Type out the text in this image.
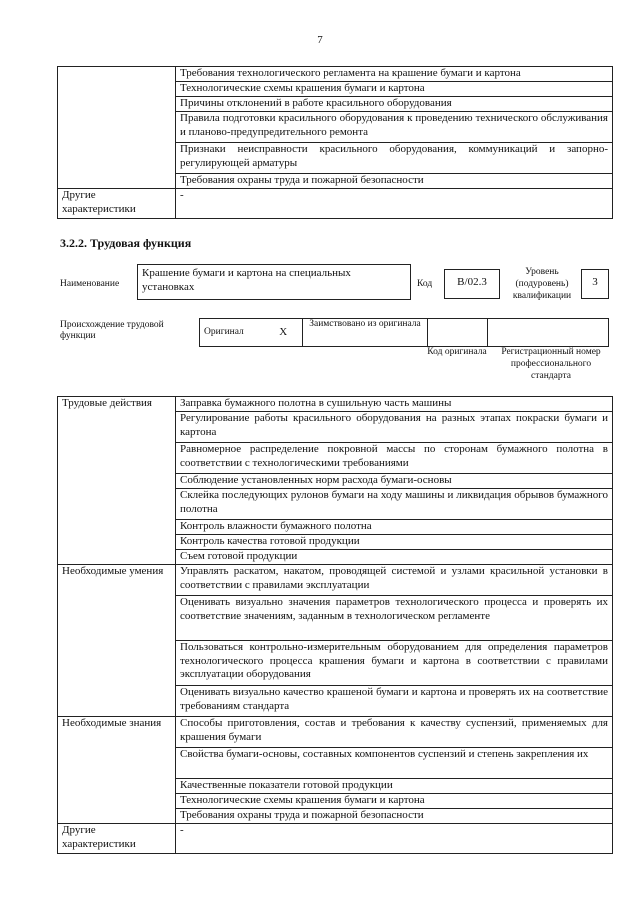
7
	Требования технологического регламента на крашение бумаги и картона
	Технологические схемы крашения бумаги и картона
	Причины отклонений в работе красильного оборудования
	Правила подготовки красильного оборудования к проведению технического обслуживания и планово-предупредительного ремонта
	Признаки неисправности красильного оборудования, коммуникаций и запорно-регулирующей арматуры
	Требования охраны труда и пожарной безопасности
Другие характеристики	-
3.2.2. Трудовая функция
Наименование
Крашение бумаги и картона на специальных установках	Код	В/02.3
Уровень (подуровень) квалификации
3
Происхождение трудовой функции	Оригинал	X	Заимствовано из оригинала		
Код оригинала	Регистрационный номер профессионального стандарта
Трудовые действия	Заправка бумажного полотна в сушильную часть машины
	Регулирование работы красильного оборудования на разных этапах покраски бумаги и картона
	Равномерное распределение покровной массы по сторонам бумажного полотна в соответствии с технологическими требованиями
	Соблюдение установленных норм расхода бумаги-основы
	Склейка последующих рулонов бумаги на ходу машины и ликвидация обрывов бумажного полотна
	Контроль влажности бумажного полотна
	Контроль качества готовой продукции
	Съем готовой продукции
Необходимые умения	Управлять раскатом, накатом, проводящей системой и узлами красильной установки в соответствии с правилами эксплуатации
	Оценивать визуально значения параметров технологического процесса и проверять их соответствие значениям, заданным в технологическом регламенте
	Пользоваться контрольно-измерительным оборудованием для определения параметров технологического процесса крашения бумаги и картона в соответствии с правилами эксплуатации оборудования
	Оценивать визуально качество крашеной бумаги и картона и проверять их на соответствие требованиям стандарта
Необходимые знания	Способы приготовления, состав и требования к качеству суспензий, применяемых для крашения бумаги
	Свойства бумаги-основы, составных компонентов суспензий и степень закрепления их
	Качественные показатели готовой продукции
	Технологические схемы крашения бумаги и картона
	Требования охраны труда и пожарной безопасности
Другие характеристики	-
